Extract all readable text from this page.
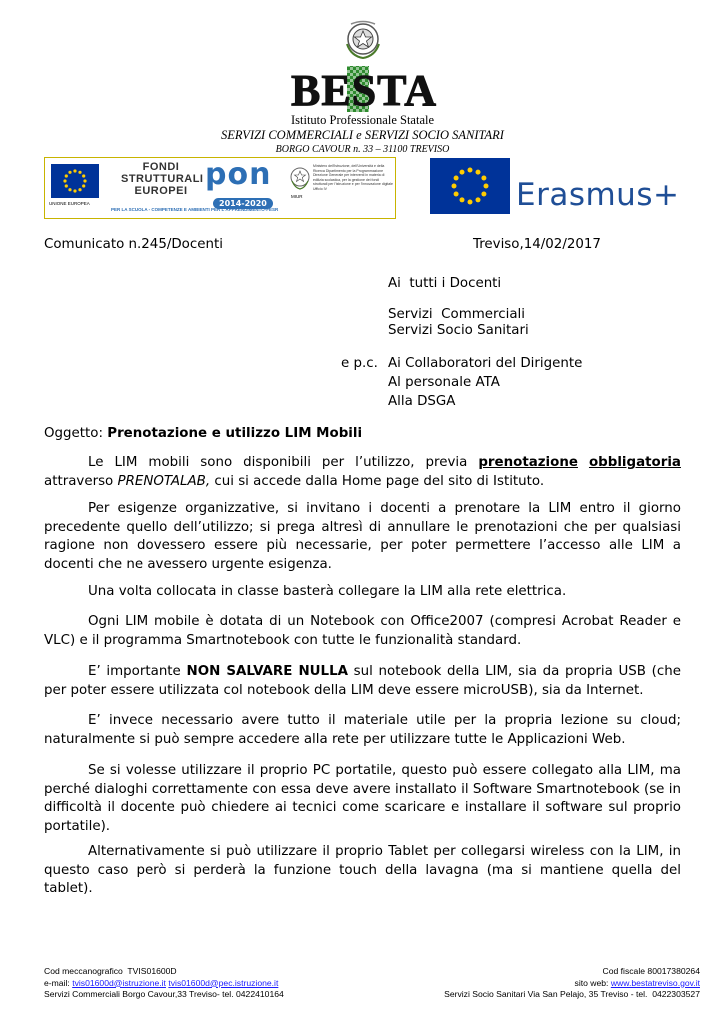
BESTA
Istituto Professionale Statale
SERVIZI COMMERCIALI e SERVIZI SOCIO SANITARI
BORGO CAVOUR n. 33 – 31100 TREVISO
UNIONE EUROPEA
FONDI
STRUTTURALI
EUROPEI pon
2014-2020
MIUR
Ministero dell'Istruzione, dell'Università e della Ricerca Dipartimento per la Programmazione Direzione Generale per interventi in materia di edilizia scolastica, per la gestione dei fondi strutturali per l'istruzione e per l'innovazione digitale Ufficio IV
PER LA SCUOLA - COMPETENZE E AMBIENTI PER L'APPRENDIMENTO-FESR	Erasmus+
Comunicato n.245/Docenti	Treviso,14/02/2017
Ai  tutti i Docenti
Servizi  Commerciali
Servizi Socio Sanitari
e p.c. Ai Collaboratori del Dirigente
Al personale ATA
Alla DSGA
Oggetto: Prenotazione e utilizzo LIM Mobili
Le LIM mobili sono disponibili per l’utilizzo, previa prenotazione obbligatoria attraverso PRENOTALAB, cui si accede dalla Home page del sito di Istituto.
Per esigenze organizzative, si invitano i docenti a prenotare la LIM entro il giorno precedente quello dell’utilizzo; si prega altresì di annullare le prenotazioni che per qualsiasi ragione non dovessero essere più necessarie, per poter permettere l’accesso alle LIM a docenti che ne avessero urgente esigenza.
Una volta collocata in classe basterà collegare la LIM alla rete elettrica.
Ogni LIM mobile è dotata di un Notebook con Office2007 (compresi Acrobat Reader e VLC) e il programma Smartnotebook con tutte le funzionalità standard.
E’ importante NON SALVARE NULLA sul notebook della LIM, sia da propria USB (che per poter essere utilizzata col notebook della LIM deve essere microUSB), sia da Internet.
E’ invece necessario avere tutto il materiale utile per la propria lezione su cloud; naturalmente si può sempre accedere alla rete per utilizzare tutte le Applicazioni Web.
Se si volesse utilizzare il proprio PC portatile, questo può essere collegato alla LIM, ma perché dialoghi correttamente con essa deve avere installato il Software Smartnotebook (se in difficoltà il docente può chiedere ai tecnici come scaricare e installare il software sul proprio portatile).
Alternativamente si può utilizzare il proprio Tablet per collegarsi wireless con la LIM, in questo caso però si perderà la funzione touch della lavagna (ma si mantiene quella del tablet).
Cod meccanografico  TVIS01600D
e-mail: tvis01600d@istruzione.it tvis01600d@pec.istruzione.it
Servizi Commerciali Borgo Cavour,33 Treviso- tel. 0422410164
Cod fiscale 80017380264
sito web: www.bestatreviso.gov.it
Servizi Socio Sanitari Via San Pelajo, 35 Treviso - tel.  0422303527
